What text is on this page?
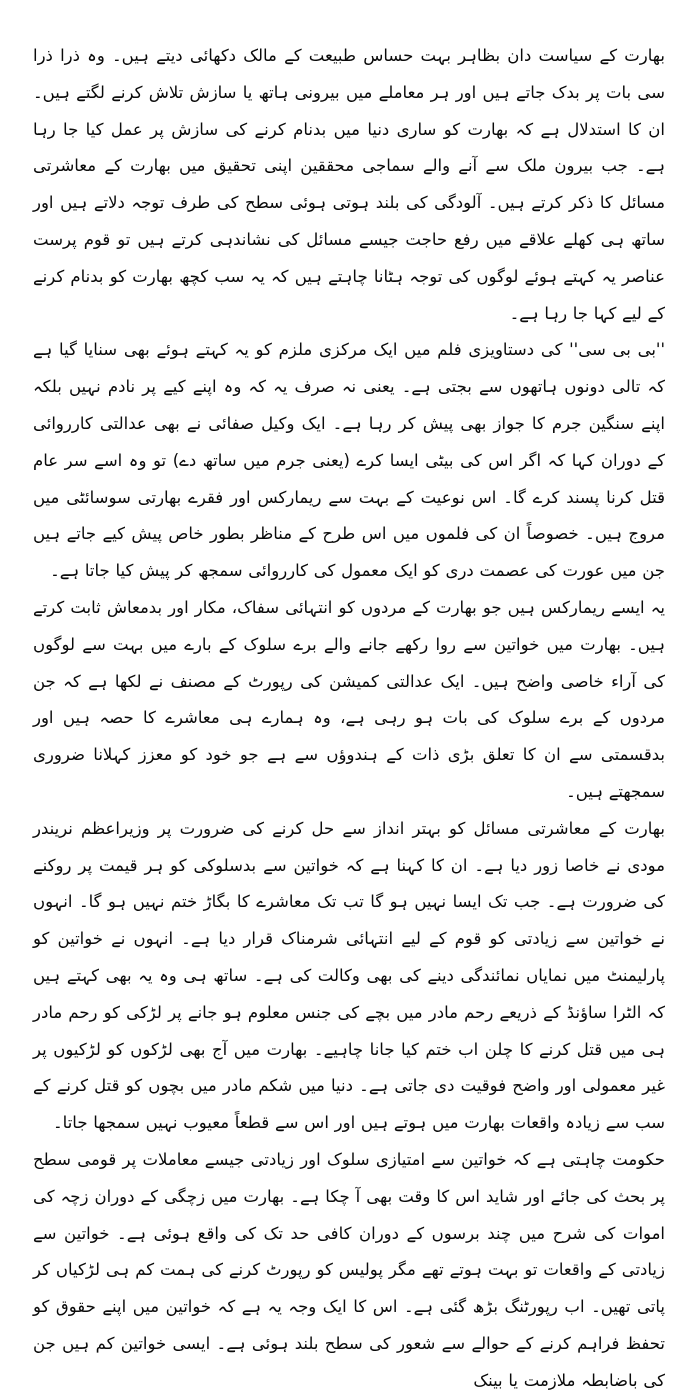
بھارت کے سیاست دان بظاہر بہت حساس طبیعت کے مالک دکھائی دیتے ہیں۔ وہ ذرا ذرا سی بات پر بدک جاتے ہیں اور ہر معاملے میں بیرونی ہاتھ یا سازش تلاش کرنے لگتے ہیں۔ ان کا استدلال ہے کہ بھارت کو ساری دنیا میں بدنام کرنے کی سازش پر عمل کیا جا رہا ہے۔ جب بیرون ملک سے آنے والے سماجی محققین اپنی تحقیق میں بھارت کے معاشرتی مسائل کا ذکر کرتے ہیں۔ آلودگی کی بلند ہوتی ہوئی سطح کی طرف توجہ دلاتے ہیں اور ساتھ ہی کھلے علاقے میں رفع حاجت جیسے مسائل کی نشاندہی کرتے ہیں تو قوم پرست عناصر یہ کہتے ہوئے لوگوں کی توجہ ہٹانا چاہتے ہیں کہ یہ سب کچھ بھارت کو بدنام کرنے کے لیے کہا جا رہا ہے۔

''بی بی سی'' کی دستاویزی فلم میں ایک مرکزی ملزم کو یہ کہتے ہوئے بھی سنایا گیا ہے کہ تالی دونوں ہاتھوں سے بجتی ہے۔ یعنی نہ صرف یہ کہ وہ اپنے کیے پر نادم نہیں بلکہ اپنے سنگین جرم کا جواز بھی پیش کر رہا ہے۔ ایک وکیل صفائی نے بھی عدالتی کارروائی کے دوران کہا کہ اگر اس کی بیٹی ایسا کرے (یعنی جرم میں ساتھ دے) تو وہ اسے سر عام قتل کرنا پسند کرے گا۔ اس نوعیت کے بہت سے ریمارکس اور فقرے بھارتی سوسائٹی میں مروج ہیں۔ خصوصاً ان کی فلموں میں اس طرح کے مناظر بطور خاص پیش کیے جاتے ہیں جن میں عورت کی عصمت دری کو ایک معمول کی کارروائی سمجھ کر پیش کیا جاتا ہے۔

یہ ایسے ریمارکس ہیں جو بھارت کے مردوں کو انتہائی سفاک، مکار اور بدمعاش ثابت کرتے ہیں۔ بھارت میں خواتین سے روا رکھے جانے والے برے سلوک کے بارے میں بہت سے لوگوں کی آراء خاصی واضح ہیں۔ ایک عدالتی کمیشن کی رپورٹ کے مصنف نے لکھا ہے کہ جن مردوں کے برے سلوک کی بات ہو رہی ہے، وہ ہمارے ہی معاشرے کا حصہ ہیں اور بدقسمتی سے ان کا تعلق بڑی ذات کے ہندوؤں سے ہے جو خود کو معزز کہلانا ضروری سمجھتے ہیں۔

بھارت کے معاشرتی مسائل کو بہتر انداز سے حل کرنے کی ضرورت پر وزیراعظم نریندر مودی نے خاصا زور دیا ہے۔ ان کا کہنا ہے کہ خواتین سے بدسلوکی کو ہر قیمت پر روکنے کی ضرورت ہے۔ جب تک ایسا نہیں ہو گا تب تک معاشرے کا بگاڑ ختم نہیں ہو گا۔ انہوں نے خواتین سے زیادتی کو قوم کے لیے انتہائی شرمناک قرار دیا ہے۔ انہوں نے خواتین کو پارلیمنٹ میں نمایاں نمائندگی دینے کی بھی وکالت کی ہے۔ ساتھ ہی وہ یہ بھی کہتے ہیں کہ الٹرا ساؤنڈ کے ذریعے رحم مادر میں بچے کی جنس معلوم ہو جانے پر لڑکی کو رحم مادر ہی میں قتل کرنے کا چلن اب ختم کیا جانا چاہیے۔ بھارت میں آج بھی لڑکوں کو لڑکیوں پر غیر معمولی اور واضح فوقیت دی جاتی ہے۔ دنیا میں شکم مادر میں بچوں کو قتل کرنے کے سب سے زیادہ واقعات بھارت میں ہوتے ہیں اور اس سے قطعاً معیوب نہیں سمجھا جاتا۔

حکومت چاہتی ہے کہ خواتین سے امتیازی سلوک اور زیادتی جیسے معاملات پر قومی سطح پر بحث کی جائے اور شاید اس کا وقت بھی آ چکا ہے۔ بھارت میں زچگی کے دوران زچہ کی اموات کی شرح میں چند برسوں کے دوران کافی حد تک کی واقع ہوئی ہے۔ خواتین سے زیادتی کے واقعات تو بہت ہوتے تھے مگر پولیس کو رپورٹ کرنے کی ہمت کم ہی لڑکیاں کر پاتی تھیں۔ اب رپورٹنگ بڑھ گئی ہے۔ اس کا ایک وجہ یہ ہے کہ خواتین میں اپنے حقوق کو تحفظ فراہم کرنے کے حوالے سے شعور کی سطح بلند ہوئی ہے۔ ایسی خواتین کم ہیں جن کی باضابطہ ملازمت یا بینک
